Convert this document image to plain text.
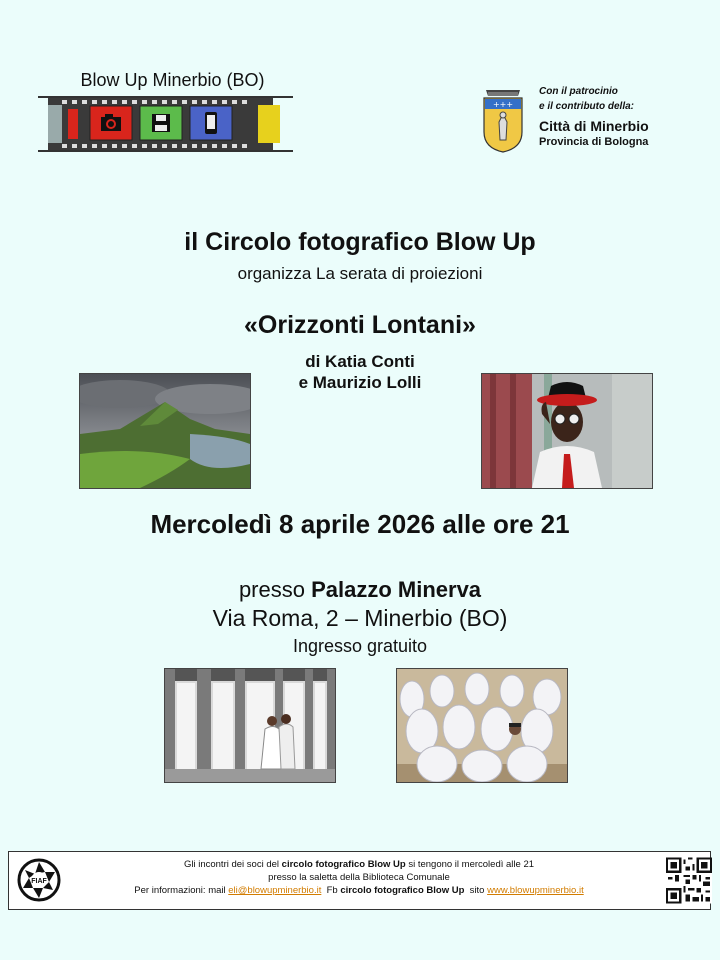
Blow Up Minerbio (BO)
+++
Con il patrocinio
e il contributo della:
Città di Minerbio
Provincia di Bologna
il Circolo fotografico Blow Up
organizza La serata di proiezioni
«Orizzonti Lontani»
di Katia Conti
e Maurizio Lolli
Mercoledì 8 aprile 2026 alle ore 21
presso Palazzo Minerva
Via Roma, 2 – Minerbio (BO)
Ingresso gratuito
FIAF
Gli incontri dei soci del circolo fotografico Blow Up si tengono il mercoledì alle 21
presso la saletta della Biblioteca Comunale
Per informazioni: mail eli@blowupminerbio.it  Fb circolo fotografico Blow Up  sito www.blowupminerbio.it
